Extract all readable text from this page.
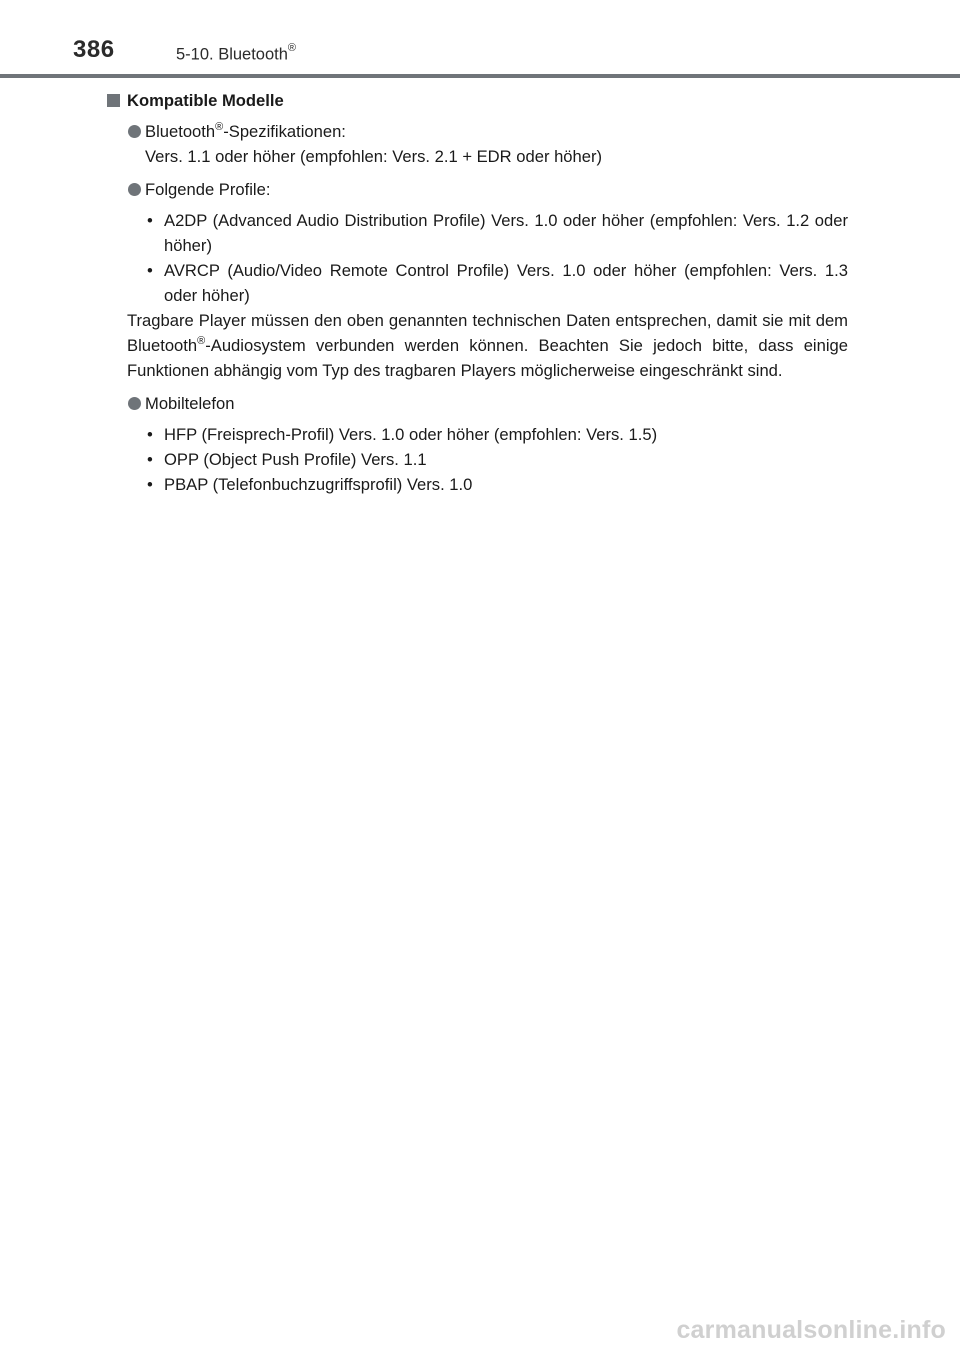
386	5-10. Bluetooth®

Kompatible Modelle

Bluetooth®-Spezifikationen:
Vers. 1.1 oder höher (empfohlen: Vers. 2.1 + EDR oder höher)

Folgende Profile:

• A2DP (Advanced Audio Distribution Profile) Vers. 1.0 oder höher (empfohlen: Vers. 1.2 oder höher)

• AVRCP (Audio/Video Remote Control Profile) Vers. 1.0 oder höher (empfohlen: Vers. 1.3 oder höher)

Tragbare Player müssen den oben genannten technischen Daten entsprechen, damit sie mit dem Bluetooth®-Audiosystem verbunden werden können. Beachten Sie jedoch bitte, dass einige Funktionen abhängig vom Typ des tragbaren Players möglicherweise eingeschränkt sind.

Mobiltelefon

• HFP (Freisprech-Profil) Vers. 1.0 oder höher (empfohlen: Vers. 1.5)

• OPP (Object Push Profile) Vers. 1.1

• PBAP (Telefonbuchzugriffsprofil) Vers. 1.0

carmanualsonline.info
